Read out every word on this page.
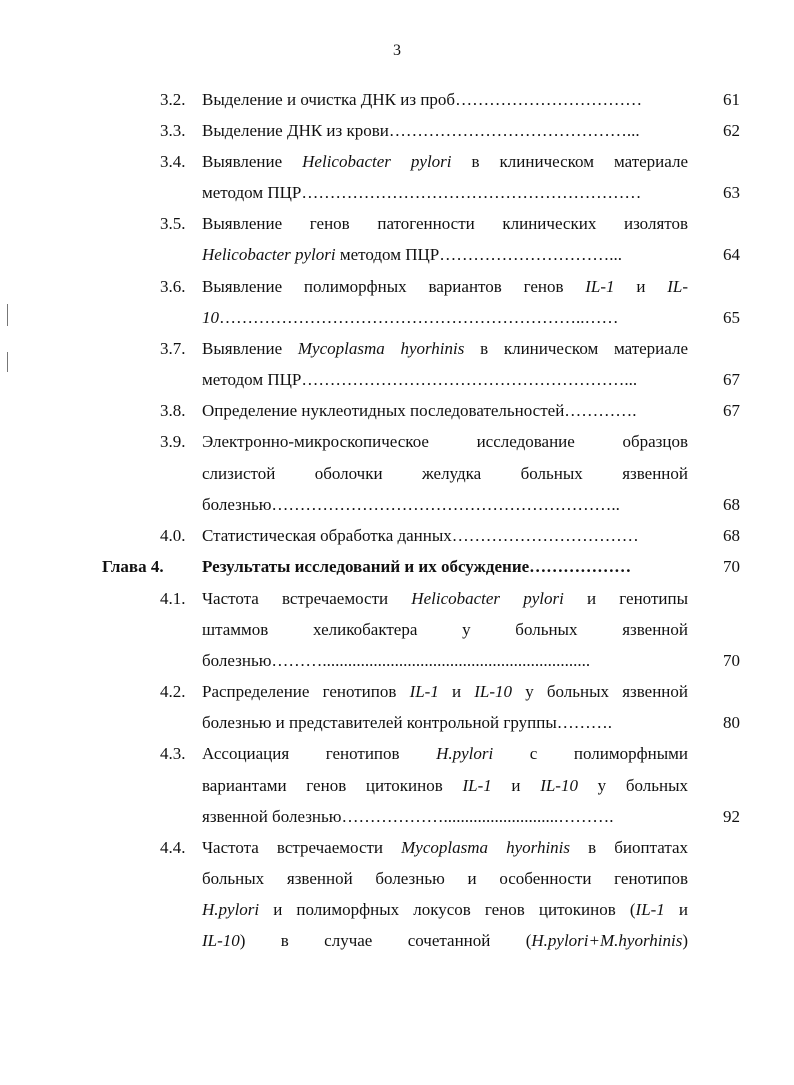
3
3.2. Выделение и очистка ДНК из проб……………………………	61
3.3. Выделение ДНК из крови……………………………………...	62
3.4. Выявление Helicobacter pylori в клиническом материале
методом ПЦР……………………………………………………	63
3.5. Выявление генов патогенности клинических изолятов
Helicobacter pylori методом ПЦР…………………………...	64
3.6. Выявление полиморфных вариантов генов IL-1 и IL-
10………………………………………………………..……	65
3.7. Выявление Mycoplasma hyorhinis в клиническом материале
методом ПЦР…………………………………………………...	67
3.8. Определение нуклеотидных последовательностей………….	67
3.9. Электронно-микроскопическое исследование образцов
слизистой оболочки желудка больных язвенной
болезнью……………………………………………………..	68
4.0. Статистическая обработка данных……………………………	68
Глава 4. Результаты исследований и их обсуждение………………	70
4.1. Частота встречаемости Helicobacter pylori и генотипы
штаммов хеликобактера у больных язвенной
болезнью………...............................................................	70
4.2. Распределение генотипов IL-1 и IL-10 у больных язвенной
болезнью и представителей контрольной группы……….	80
4.3. Ассоциация генотипов H.pylori с полиморфными
вариантами генов цитокинов IL-1 и IL-10 у больных
язвенной болезнью………………...........................……….	92
4.4. Частота встречаемости Mycoplasma hyorhinis в биоптатах
больных язвенной болезнью и особенности генотипов
H.pylori и полиморфных локусов генов цитокинов (IL-1 и
IL-10) в случае сочетанной (H.pylori+M.hyorhinis)
